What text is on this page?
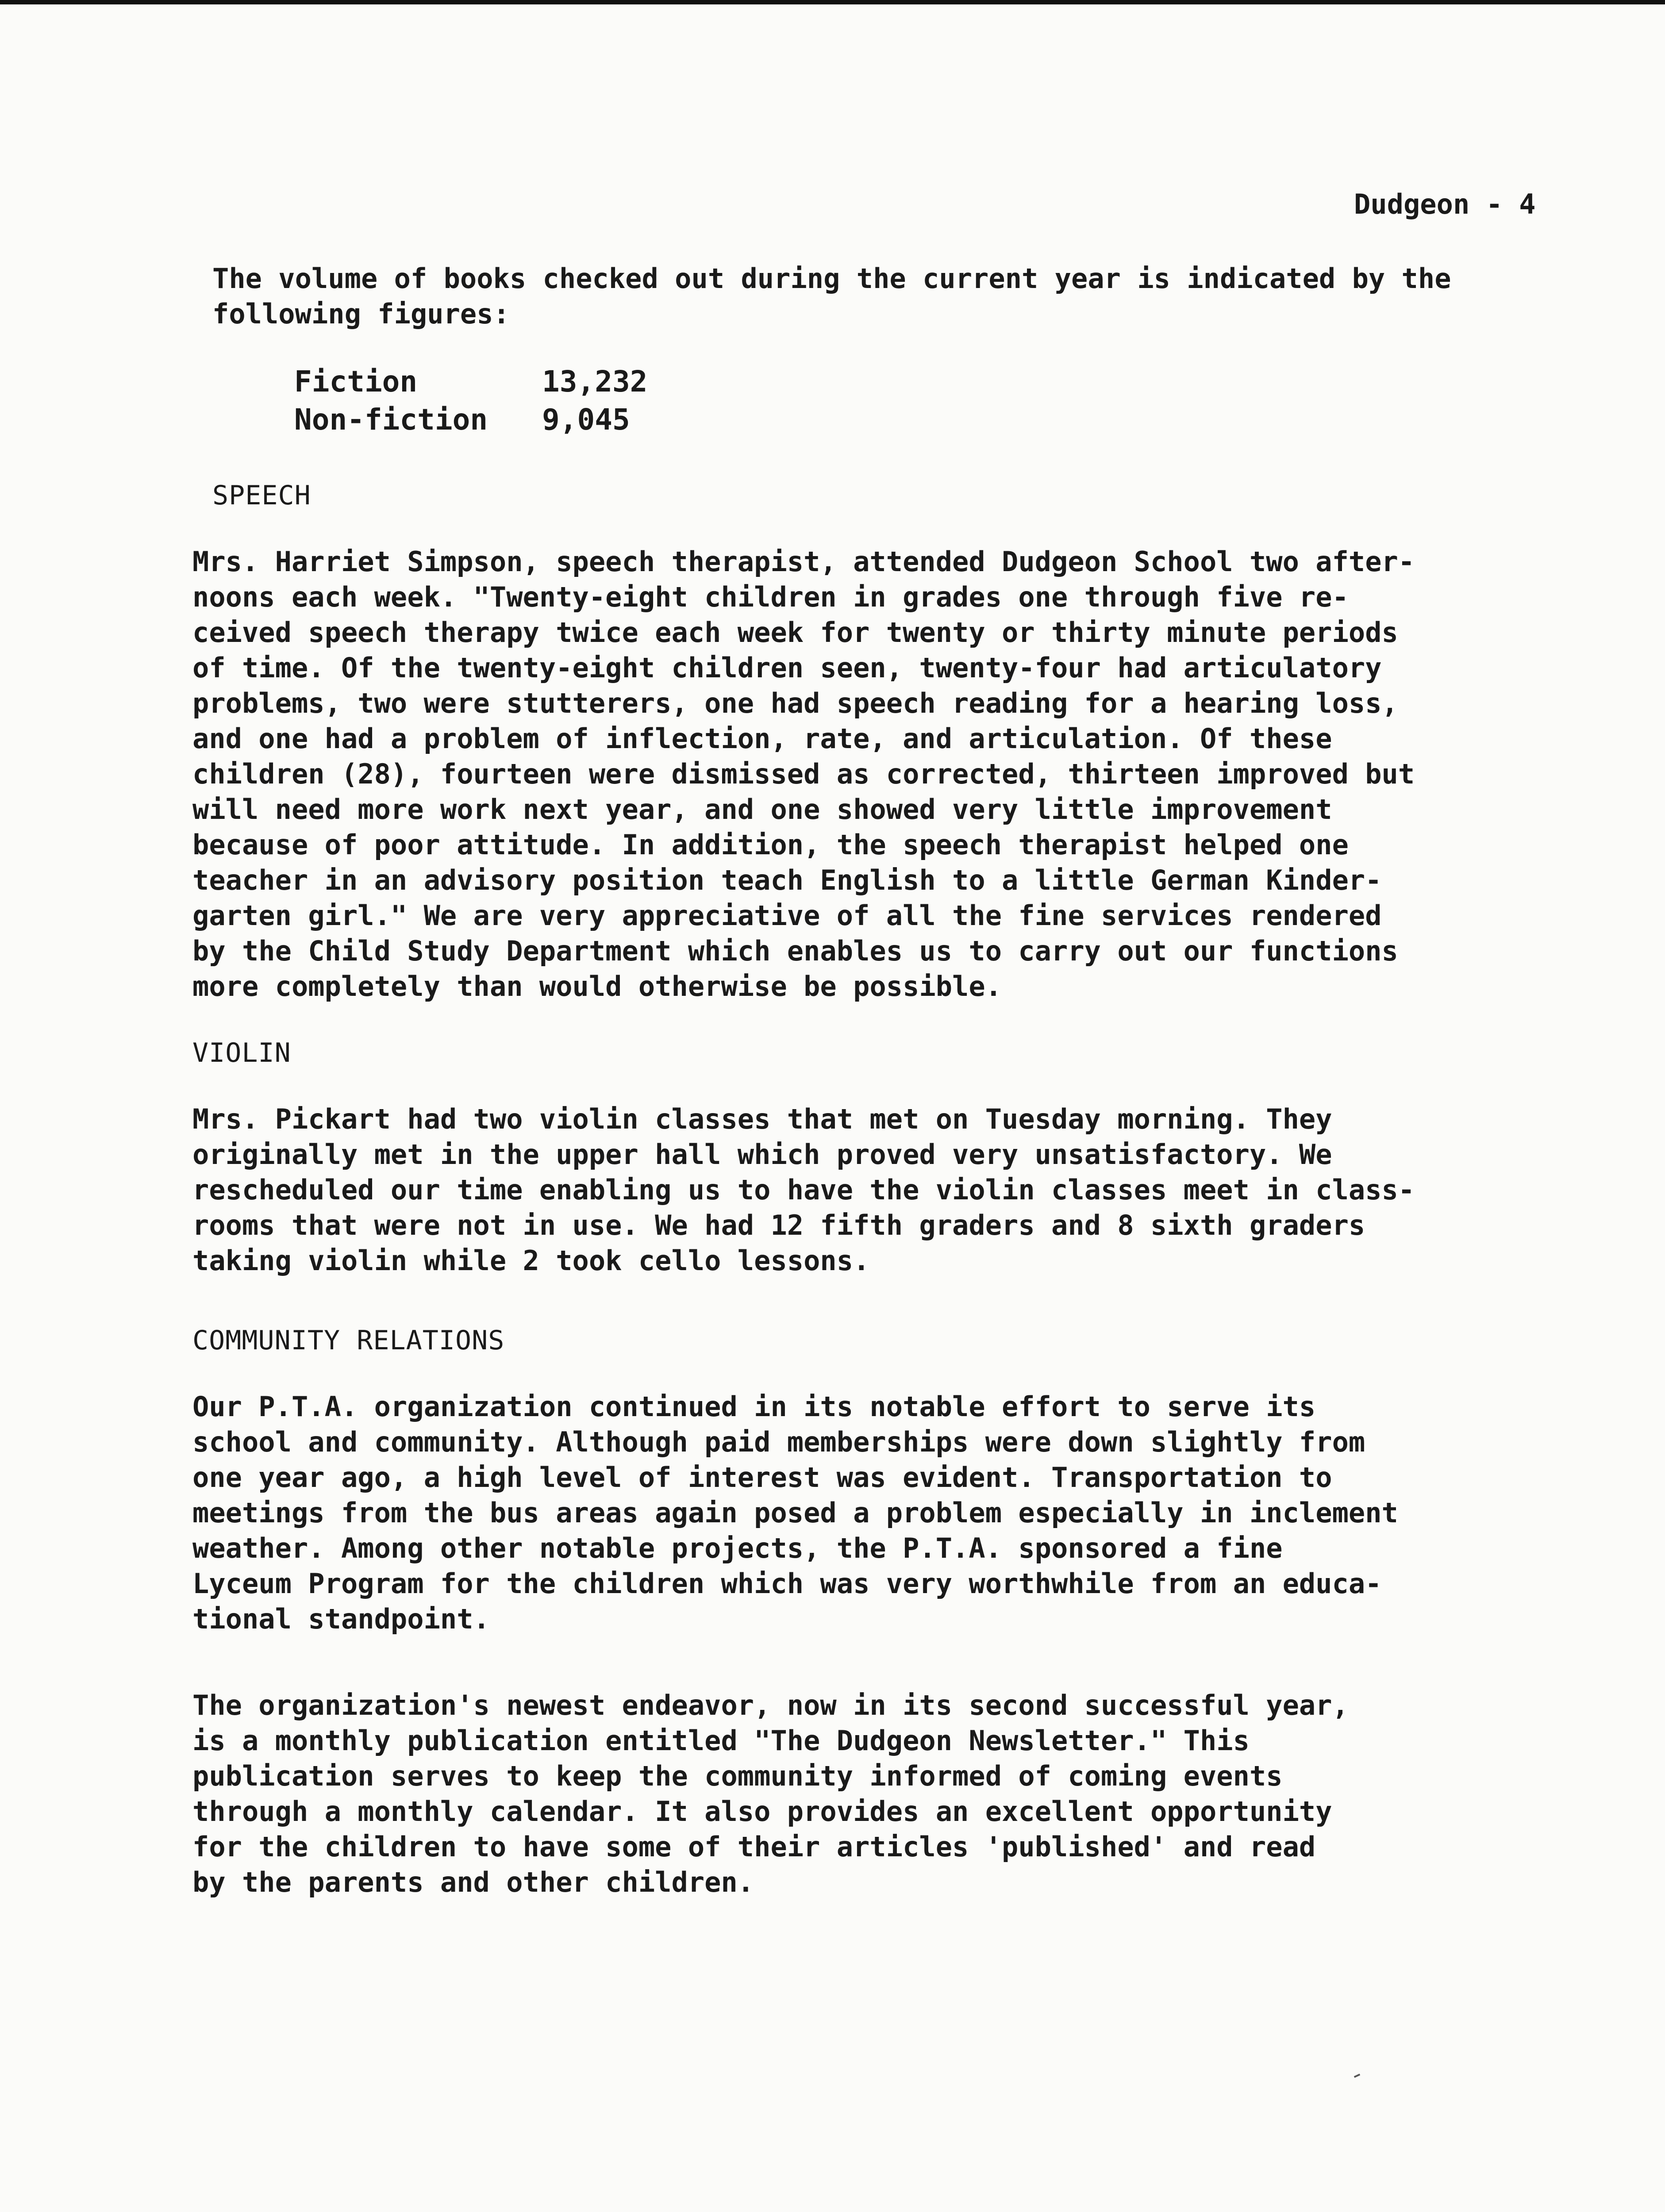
Dudgeon - 4

The volume of books checked out during the current year is indicated by the
following figures:

Fiction	13,232
Non-fiction	9,045
SPEECH

Mrs. Harriet Simpson, speech therapist, attended Dudgeon School two after-
noons each week. "Twenty-eight children in grades one through five re-
ceived speech therapy twice each week for twenty or thirty minute periods
of time. Of the twenty-eight children seen, twenty-four had articulatory
problems, two were stutterers, one had speech reading for a hearing loss,
and one had a problem of inflection, rate, and articulation. Of these
children (28), fourteen were dismissed as corrected, thirteen improved but
will need more work next year, and one showed very little improvement
because of poor attitude. In addition, the speech therapist helped one
teacher in an advisory position teach English to a little German Kinder-
garten girl." We are very appreciative of all the fine services rendered
by the Child Study Department which enables us to carry out our functions
more completely than would otherwise be possible.

VIOLIN

Mrs. Pickart had two violin classes that met on Tuesday morning. They
originally met in the upper hall which proved very unsatisfactory. We
rescheduled our time enabling us to have the violin classes meet in class-
rooms that were not in use. We had 12 fifth graders and 8 sixth graders
taking violin while 2 took cello lessons.

COMMUNITY RELATIONS

Our P.T.A. organization continued in its notable effort to serve its
school and community. Although paid memberships were down slightly from
one year ago, a high level of interest was evident. Transportation to
meetings from the bus areas again posed a problem especially in inclement
weather. Among other notable projects, the P.T.A. sponsored a fine
Lyceum Program for the children which was very worthwhile from an educa-
tional standpoint.

The organization's newest endeavor, now in its second successful year,
is a monthly publication entitled "The Dudgeon Newsletter." This
publication serves to keep the community informed of coming events
through a monthly calendar. It also provides an excellent opportunity
for the children to have some of their articles 'published' and read
by the parents and other children.
